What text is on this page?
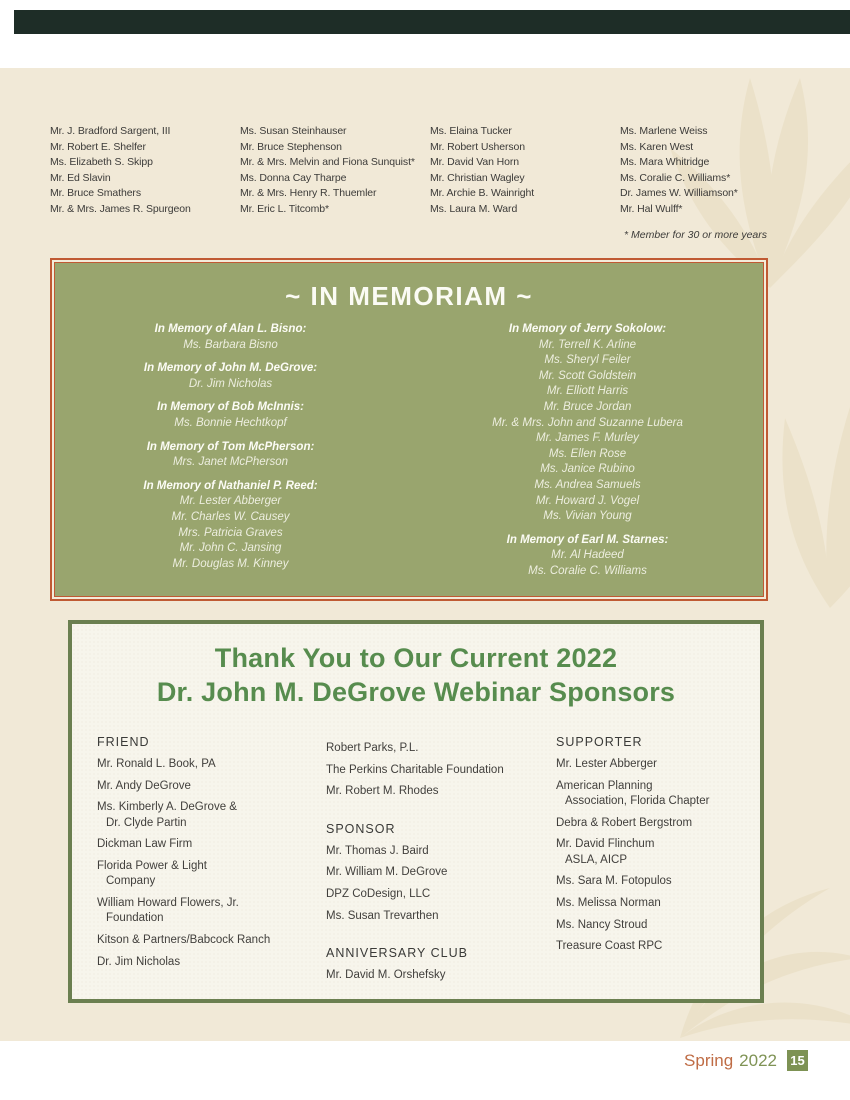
Mr. J. Bradford Sargent, III
Mr. Robert E. Shelfer
Ms. Elizabeth S. Skipp
Mr. Ed Slavin
Mr. Bruce Smathers
Mr. & Mrs. James R. Spurgeon
Ms. Susan Steinhauser
Mr. Bruce Stephenson
Mr. & Mrs. Melvin and Fiona Sunquist*
Ms. Donna Cay Tharpe
Mr. & Mrs. Henry R. Thuemler
Mr. Eric L. Titcomb*
Ms. Elaina Tucker
Mr. Robert Usherson
Mr. David Van Horn
Mr. Christian Wagley
Mr. Archie B. Wainright
Ms. Laura M. Ward
Ms. Marlene Weiss
Ms. Karen West
Ms. Mara Whitridge
Ms. Coralie C. Williams*
Dr. James W. Williamson*
Mr. Hal Wulff*
* Member for 30 or more years
~ IN MEMORIAM ~
In Memory of Alan L. Bisno:
Ms. Barbara Bisno
In Memory of John M. DeGrove:
Dr. Jim Nicholas
In Memory of Bob McInnis:
Ms. Bonnie Hechtkopf
In Memory of Tom McPherson:
Mrs. Janet McPherson
In Memory of Nathaniel P. Reed:
Mr. Lester Abberger
Mr. Charles W. Causey
Mrs. Patricia Graves
Mr. John C. Jansing
Mr. Douglas M. Kinney
In Memory of Jerry Sokolow:
Mr. Terrell K. Arline
Ms. Sheryl Feiler
Mr. Scott Goldstein
Mr. Elliott Harris
Mr. Bruce Jordan
Mr. & Mrs. John and Suzanne Lubera
Mr. James F. Murley
Ms. Ellen Rose
Ms. Janice Rubino
Ms. Andrea Samuels
Mr. Howard J. Vogel
Ms. Vivian Young
In Memory of Earl M. Starnes:
Mr. Al Hadeed
Ms. Coralie C. Williams
Thank You to Our Current 2022
Dr. John M. DeGrove Webinar Sponsors
FRIEND
Mr. Ronald L. Book, PA
Mr. Andy DeGrove
Ms. Kimberly A. DeGrove &
Dr. Clyde Partin
Dickman Law Firm
Florida Power & Light
Company
William Howard Flowers, Jr.
Foundation
Kitson & Partners/Babcock Ranch
Dr. Jim Nicholas
Robert Parks, P.L.
The Perkins Charitable Foundation
Mr. Robert M. Rhodes
SPONSOR
Mr. Thomas J. Baird
Mr. William M. DeGrove
DPZ CoDesign, LLC
Ms. Susan Trevarthen
ANNIVERSARY CLUB
Mr. David M. Orshefsky
SUPPORTER
Mr. Lester Abberger
American Planning
Association, Florida Chapter
Debra & Robert Bergstrom
Mr. David Flinchum
ASLA, AICP
Ms. Sara M. Fotopulos
Ms. Melissa Norman
Ms. Nancy Stroud
Treasure Coast RPC
Spring 2022 15
